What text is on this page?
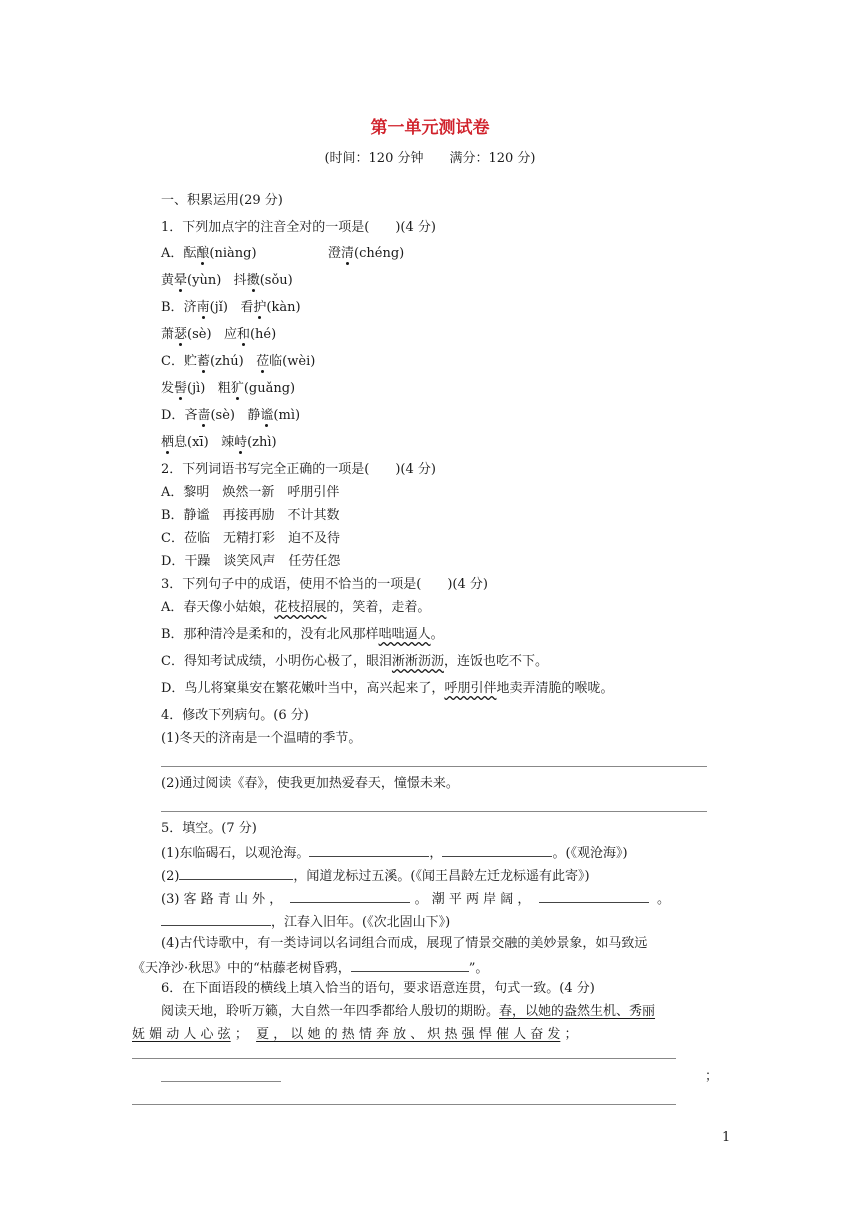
第一单元测试卷
(时间：120 分钟　　满分：120 分)
一、积累运用(29 分)
1．下列加点字的注音全对的一项是(　　)(4 分)
A．酝酿(niàng)	澄清(chéng)
黄晕(yùn) 抖擞(sǒu)
B．济南(jǐ) 看护(kàn)
萧瑟(sè) 应和(hé)
C．贮蓄(zhú) 莅临(wèi)
发髻(jì) 粗犷(guǎng)
D．吝啬(sè) 静谧(mì)
栖息(xī) 竦峙(zhì)
2．下列词语书写完全正确的一项是(　　)(4 分)
A．黎明　焕然一新　呼朋引伴
B．静谧　再接再励　不计其数
C．莅临　无精打彩　迫不及待
D．干躁　谈笑风声　任劳任怨
3．下列句子中的成语，使用不恰当的一项是(　　)(4 分)
A．春天像小姑娘，花枝招展的，笑着，走着。
B．那种清冷是柔和的，没有北风那样咄咄逼人。
C．得知考试成绩，小明伤心极了，眼泪淅淅沥沥，连饭也吃不下。
D．鸟儿将窠巢安在繁花嫩叶当中，高兴起来了，呼朋引伴地卖弄清脆的喉咙。
4．修改下列病句。(6 分)
(1)冬天的济南是一个温晴的季节。
(2)通过阅读《春》，使我更加热爱春天，憧憬未来。
5．填空。(7 分)
(1)东临碣石，以观沧海。	，	。(《观沧海》)
(2)	，闻道龙标过五溪。(《闻王昌龄左迁龙标遥有此寄》)
(3) 客 路 青 山 外 ，	。 潮 平 两 岸 阔 ，	。
，江春入旧年。(《次北固山下》)
(4)古代诗歌中，有一类诗词以名词组合而成，展现了情景交融的美妙景象，如马致远
《天净沙·秋思》中的“枯藤老树昏鸦，	”。
6．在下面语段的横线上填入恰当的语句，要求语意连贯，句式一致。(4 分)
阅读天地，聆听万籁，大自然一年四季都给人殷切的期盼。春，以她的盎然生机、秀丽
妩 媚 动 人 心 弦 ； 夏 ， 以 她 的 热 情 奔 放 、 炽 热 强 悍 催 人 奋 发 ；
；
1
